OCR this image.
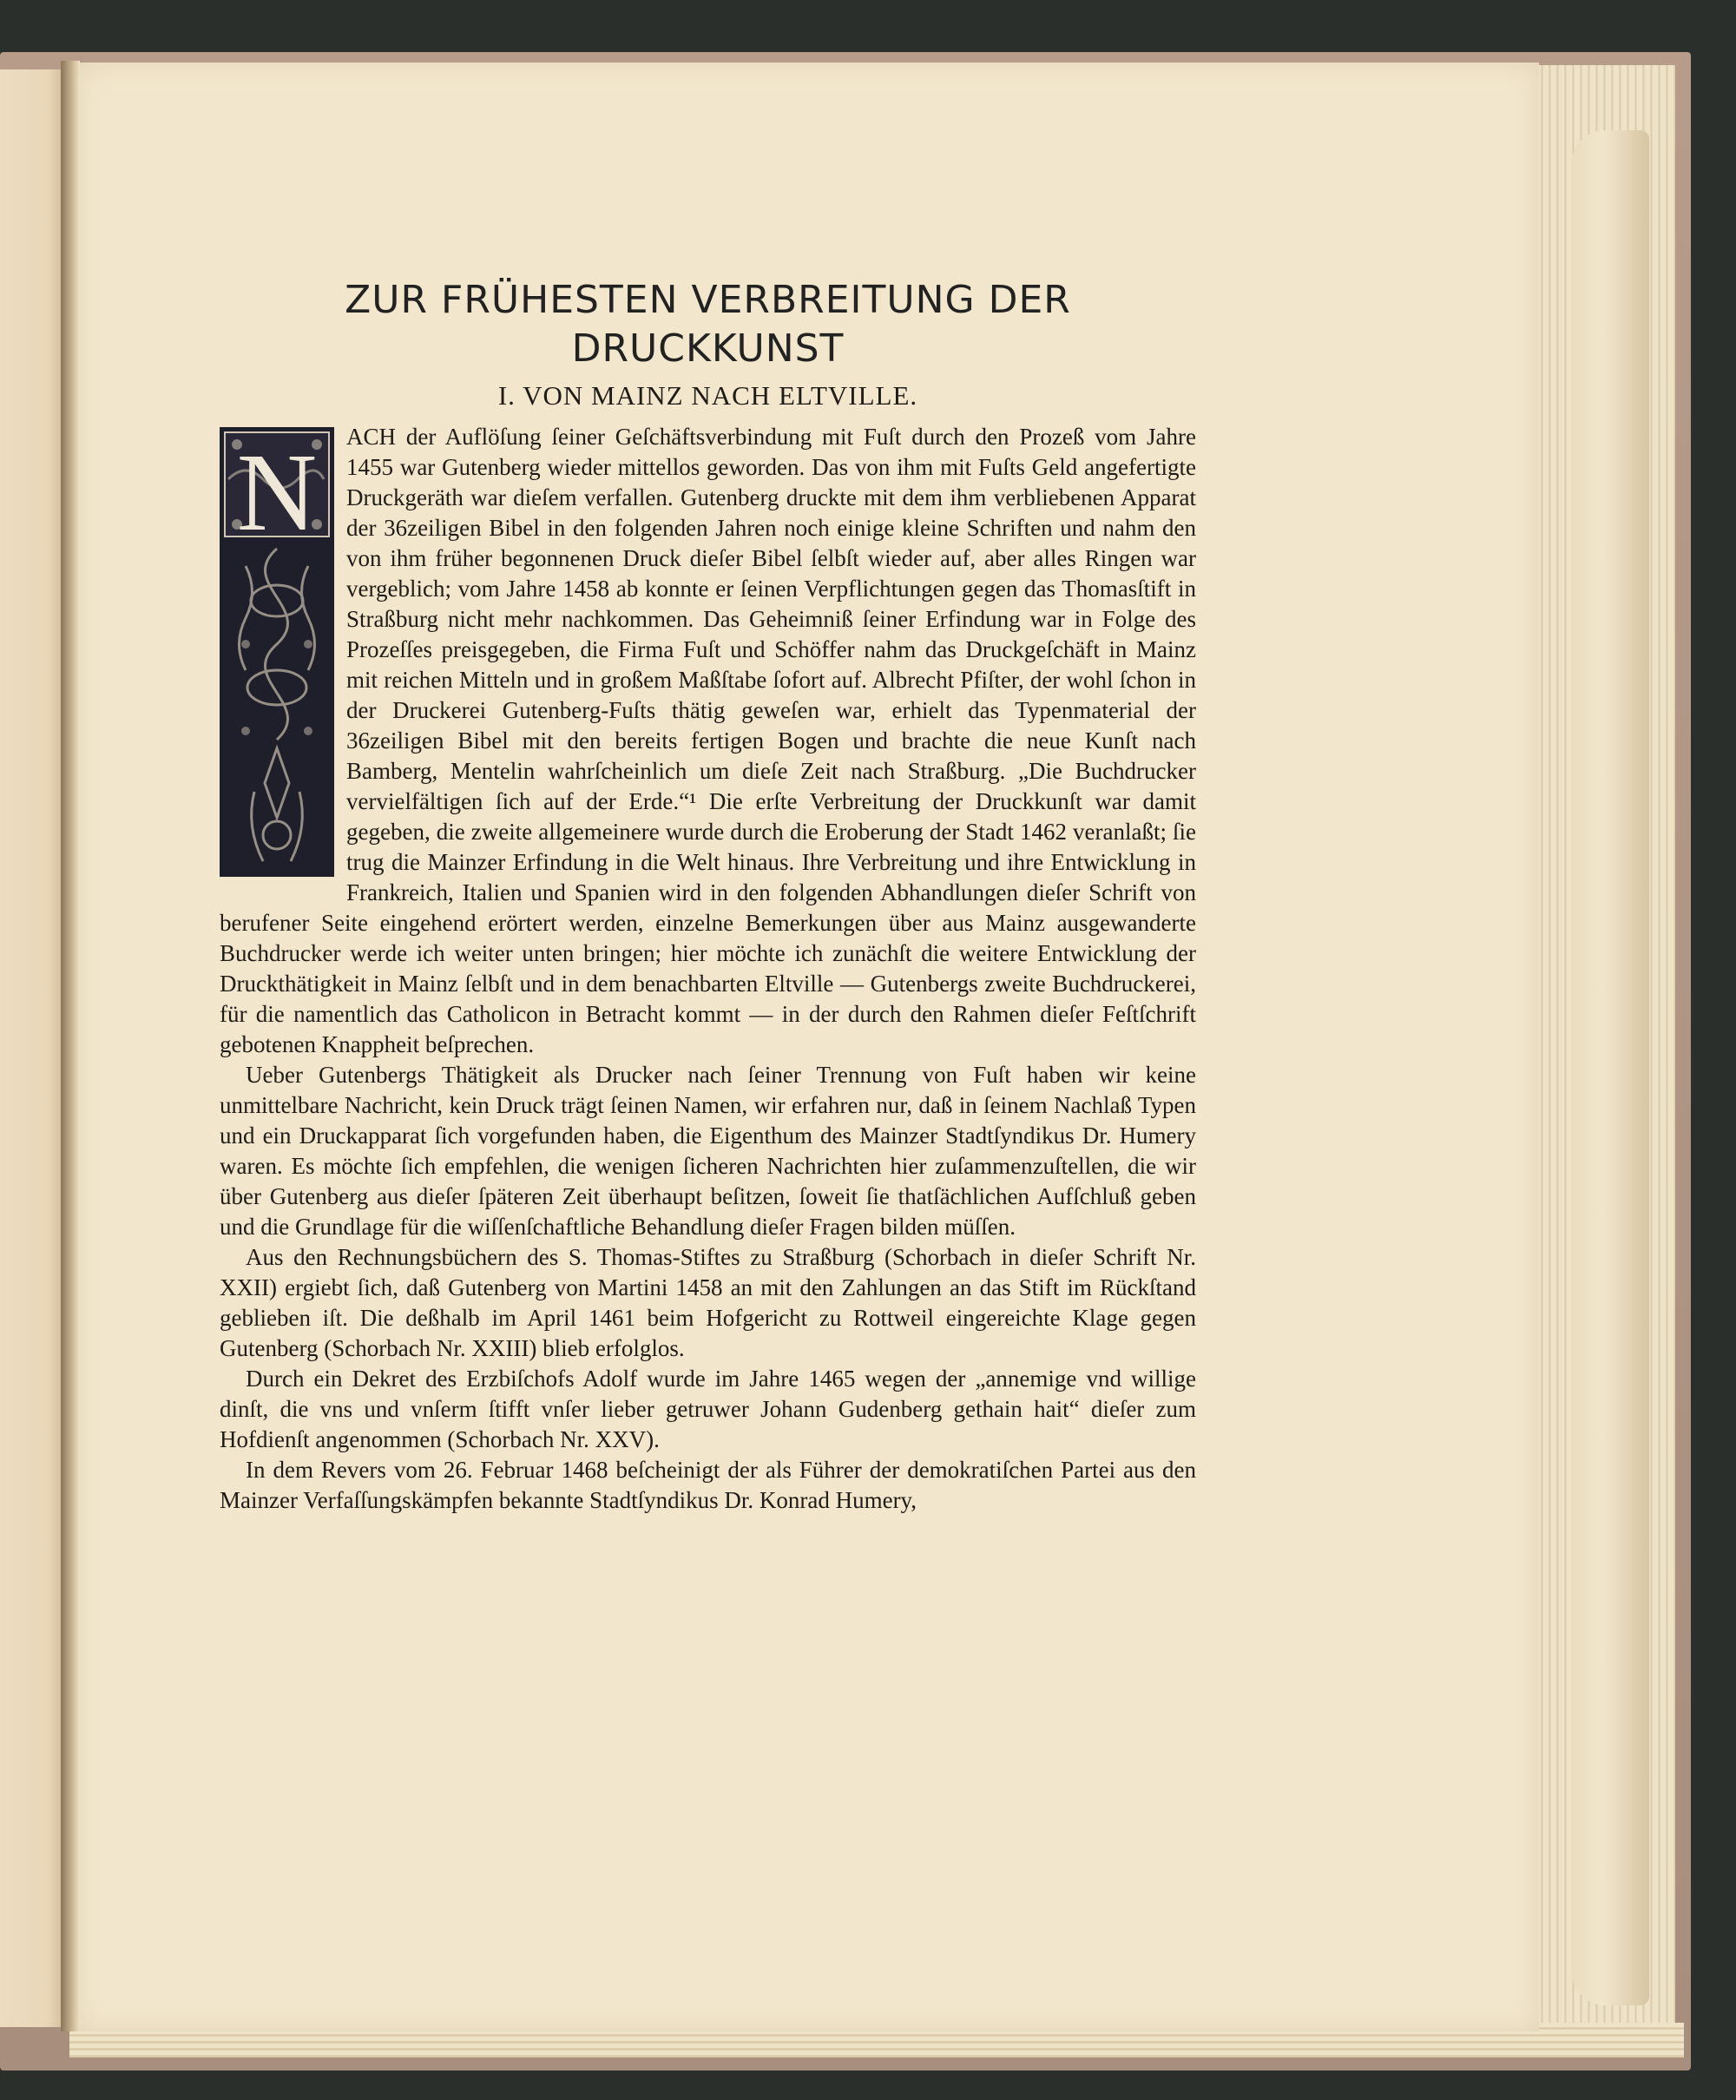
ZUR FRÜHESTEN VERBREITUNG DER
DRUCKKUNST
I. VON MAINZ NACH ELTVILLE.
N	ACH der Auflöſung ſeiner Geſchäftsverbindung mit Fuſt durch den Prozeß vom Jahre 1455 war Gutenberg wieder mittellos geworden. Das von ihm mit Fuſts Geld angefertigte Druckgeräth war dieſem verfallen. Gutenberg druckte mit dem ihm verbliebenen Apparat der 36zeiligen Bibel in den folgenden Jahren noch einige kleine Schriften und nahm den von ihm früher begonnenen Druck dieſer Bibel ſelbſt wieder auf, aber alles Ringen war vergeblich; vom Jahre 1458 ab konnte er ſeinen Verpflichtungen gegen das Thomasſtift in Straßburg nicht mehr nachkommen. Das Geheimniß ſeiner Erfindung war in Folge des Prozeſſes preisgegeben, die Firma Fuſt und Schöffer nahm das Druckgeſchäft in Mainz mit reichen Mitteln und in großem Maßſtabe ſofort auf. Albrecht Pfiſter, der wohl ſchon in der Druckerei Gutenberg-Fuſts thätig geweſen war, erhielt das Typenmaterial der 36zeiligen Bibel mit den bereits fertigen Bogen und brachte die neue Kunſt nach Bamberg, Mentelin wahrſcheinlich um dieſe Zeit nach Straßburg. „Die Buchdrucker vervielfältigen ſich auf der Erde.“¹ Die erſte Verbreitung der Druckkunſt war damit gegeben, die zweite allgemeinere wurde durch die Eroberung der Stadt 1462 veranlaßt; ſie trug die Mainzer Erfindung in die Welt hinaus. Ihre Verbreitung und ihre Entwicklung in Frankreich, Italien und Spanien wird in den folgenden Abhandlungen dieſer Schrift von berufener Seite eingehend erörtert werden, einzelne Bemerkungen über aus Mainz ausgewanderte Buchdrucker werde ich weiter unten bringen; hier möchte ich zunächſt die weitere Entwicklung der Druckthätigkeit in Mainz ſelbſt und in dem benachbarten Eltville — Gutenbergs zweite Buchdruckerei, für die namentlich das Catholicon in Betracht kommt — in der durch den Rahmen dieſer Feſtſchrift gebotenen Knappheit beſprechen.

Ueber Gutenbergs Thätigkeit als Drucker nach ſeiner Trennung von Fuſt haben wir keine unmittelbare Nachricht, kein Druck trägt ſeinen Namen, wir erfahren nur, daß in ſeinem Nachlaß Typen und ein Druckapparat ſich vorgefunden haben, die Eigenthum des Mainzer Stadtſyndikus Dr. Humery waren. Es möchte ſich empfehlen, die wenigen ſicheren Nachrichten hier zuſammenzuſtellen, die wir über Gutenberg aus dieſer ſpäteren Zeit überhaupt beſitzen, ſoweit ſie thatſächlichen Aufſchluß geben und die Grundlage für die wiſſenſchaftliche Behandlung dieſer Fragen bilden müſſen.

Aus den Rechnungsbüchern des S. Thomas-Stiftes zu Straßburg (Schorbach in dieſer Schrift Nr. XXII) ergiebt ſich, daß Gutenberg von Martini 1458 an mit den Zahlungen an das Stift im Rückſtand geblieben iſt. Die deßhalb im April 1461 beim Hofgericht zu Rottweil eingereichte Klage gegen Gutenberg (Schorbach Nr. XXIII) blieb erfolglos.

Durch ein Dekret des Erzbiſchofs Adolf wurde im Jahre 1465 wegen der „annemige vnd willige dinſt, die vns und vnſerm ſtifft vnſer lieber getruwer Johann Gudenberg gethain hait“ dieſer zum Hofdienſt angenommen (Schorbach Nr. XXV).

In dem Revers vom 26. Februar 1468 beſcheinigt der als Führer der demokratiſchen Partei aus den Mainzer Verfaſſungskämpfen bekannte Stadtſyndikus Dr. Konrad Humery,
